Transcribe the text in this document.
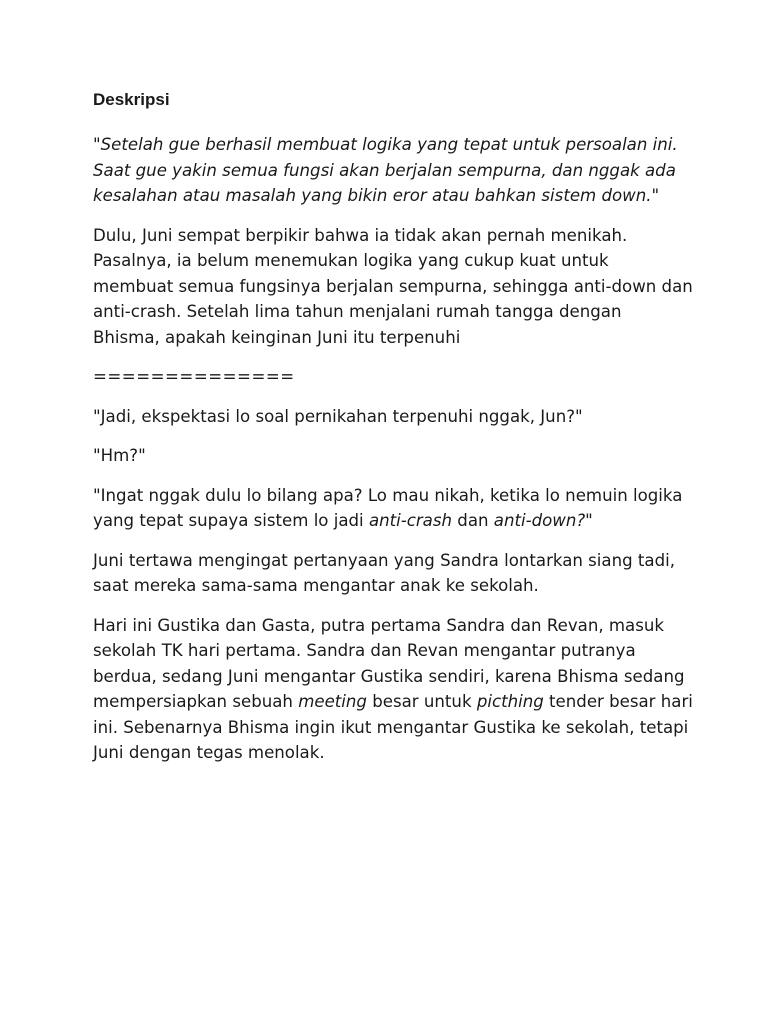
Deskripsi

"Setelah gue berhasil membuat logika yang tepat untuk persoalan ini. Saat gue yakin semua fungsi akan berjalan sempurna, dan nggak ada kesalahan atau masalah yang bikin eror atau bahkan sistem down."

Dulu, Juni sempat berpikir bahwa ia tidak akan pernah menikah. Pasalnya, ia belum menemukan logika yang cukup kuat untuk membuat semua fungsinya berjalan sempurna, sehingga anti-down dan anti-crash. Setelah lima tahun menjalani rumah tangga dengan Bhisma, apakah keinginan Juni itu terpenuhi

==============

"Jadi, ekspektasi lo soal pernikahan terpenuhi nggak, Jun?"

"Hm?"

"Ingat nggak dulu lo bilang apa? Lo mau nikah, ketika lo nemuin logika yang tepat supaya sistem lo jadi anti-crash dan anti-down?"

Juni tertawa mengingat pertanyaan yang Sandra lontarkan siang tadi, saat mereka sama-sama mengantar anak ke sekolah.

Hari ini Gustika dan Gasta, putra pertama Sandra dan Revan, masuk sekolah TK hari pertama. Sandra dan Revan mengantar putranya berdua, sedang Juni mengantar Gustika sendiri, karena Bhisma sedang mempersiapkan sebuah meeting besar untuk picthing tender besar hari ini. Sebenarnya Bhisma ingin ikut mengantar Gustika ke sekolah, tetapi Juni dengan tegas menolak.
